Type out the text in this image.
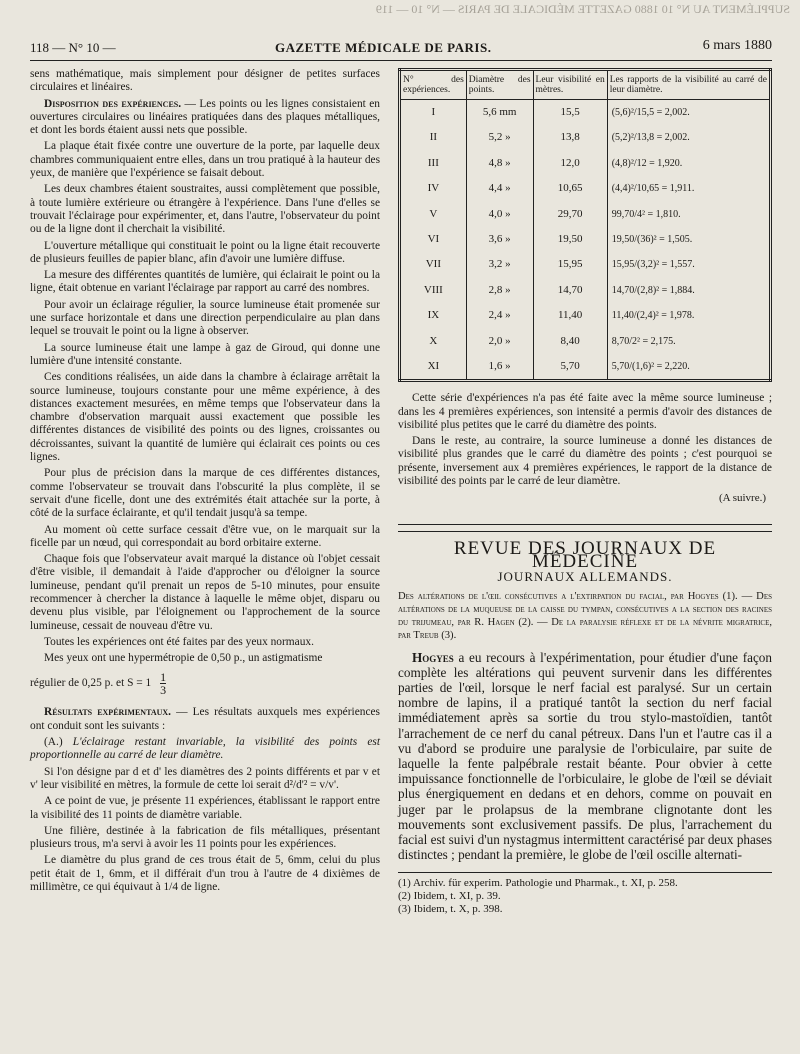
SUPPLÉMENT AU N° 10 1880 GAZETTE MÉDICALE DE PARIS — N° 10 — 119
118 — N° 10 —	GAZETTE MÉDICALE DE PARIS.	6 mars 1880

sens mathématique, mais simplement pour désigner de petites surfaces circulaires et linéaires.

Disposition des expériences. — Les points ou les lignes consistaient en ouvertures circulaires ou linéaires pratiquées dans des plaques métalliques, et dont les bords étaient aussi nets que possible.

La plaque était fixée contre une ouverture de la porte, par laquelle deux chambres communiquaient entre elles, dans un trou pratiqué à la hauteur des yeux, de manière que l'expérience se faisait debout.

Les deux chambres étaient soustraites, aussi complètement que possible, à toute lumière extérieure ou étrangère à l'expérience. Dans l'une d'elles se trouvait l'éclairage pour expérimenter, et, dans l'autre, l'observateur du point ou de la ligne dont il cherchait la visibilité.

L'ouverture métallique qui constituait le point ou la ligne était recouverte de plusieurs feuilles de papier blanc, afin d'avoir une lumière diffuse.

La mesure des différentes quantités de lumière, qui éclairait le point ou la ligne, était obtenue en variant l'éclairage par rapport au carré des nombres.

Pour avoir un éclairage régulier, la source lumineuse était promenée sur une surface horizontale et dans une direction perpendiculaire au plan dans lequel se trouvait le point ou la ligne à observer.

La source lumineuse était une lampe à gaz de Giroud, qui donne une lumière d'une intensité constante.

Ces conditions réalisées, un aide dans la chambre à éclairage arrêtait la source lumineuse, toujours constante pour une même expérience, à des distances exactement mesurées, en même temps que l'observateur dans la chambre d'observation marquait aussi exactement que possible les différentes distances de visibilité des points ou des lignes, croissantes ou décroissantes, suivant la quantité de lumière qui éclairait ces points ou ces lignes.

Pour plus de précision dans la marque de ces différentes distances, comme l'observateur se trouvait dans l'obscurité la plus complète, il se servait d'une ficelle, dont une des extrémités était attachée sur la porte, à côté de la surface éclairante, et qu'il tendait jusqu'à sa tempe.

Au moment où cette surface cessait d'être vue, on le marquait sur la ficelle par un nœud, qui correspondait au bord orbitaire externe.

Chaque fois que l'observateur avait marqué la distance où l'objet cessait d'être visible, il demandait à l'aide d'approcher ou d'éloigner la source lumineuse, pendant qu'il prenait un repos de 5-10 minutes, pour ensuite recommencer à chercher la distance à laquelle le même objet, disparu ou devenu plus visible, par l'éloignement ou l'approchement de la source lumineuse, cessait de nouveau d'être vu.

Toutes les expériences ont été faites par des yeux normaux.

Mes yeux ont une hypermétropie de 0,50 p., un astigmatisme

régulier de 0,25 p. et $S = 1 \frac{1}{3}$

Résultats expérimentaux. — Les résultats auxquels mes expériences ont conduit sont les suivants :

(A.) L'éclairage restant invariable, la visibilité des points est proportionnelle au carré de leur diamètre.

Si l'on désigne par d et d' les diamètres des 2 points différents et par v et v' leur visibilité en mètres, la formule de cette loi serait d²/d'² = v/v'.

A ce point de vue, je présente 11 expériences, établissant le rapport entre la visibilité des 11 points de diamètre variable.

Une filière, destinée à la fabrication de fils métalliques, présentant plusieurs trous, m'a servi à avoir les 11 points pour les expériences.

Le diamètre du plus grand de ces trous était de 5, 6mm, celui du plus petit était de 1, 6mm, et il différait d'un trou à l'autre de 4 dixièmes de millimètre, ce qui équivaut à 1/4 de ligne.

N° des expériences.	Diamètre des points.	Leur visibilité en mètres.	Les rapports de la visibilité au carré de leur diamètre.
I	5,6 mm	15,5	(5,6)²/15,5 = 2,002.
II	5,2 »	13,8	(5,2)²/13,8 = 2,002.
III	4,8 »	12,0	(4,8)²/12 = 1,920.
IV	4,4 »	10,65	(4,4)²/10,65 = 1,911.
V	4,0 »	29,70	99,70/4² = 1,810.
VI	3,6 »	19,50	19,50/(36)² = 1,505.
VII	3,2 »	15,95	15,95/(3,2)² = 1,557.
VIII	2,8 »	14,70	14,70/(2,8)² = 1,884.
IX	2,4 »	11,40	11,40/(2,4)² = 1,978.
X	2,0 »	8,40	8,70/2² = 2,175.
XI	1,6 »	5,70	5,70/(1,6)² = 2,220.

Cette série d'expériences n'a pas été faite avec la même source lumineuse ; dans les 4 premières expériences, son intensité a permis d'avoir des distances de visibilité plus petites que le carré du diamètre des points.

Dans le reste, au contraire, la source lumineuse a donné les distances de visibilité plus grandes que le carré du diamètre des points ; c'est pourquoi se présente, inversement aux 4 premières expériences, le rapport de la distance de visibilité des points par le carré de leur diamètre.

(A suivre.)
REVUE DES JOURNAUX DE MÉDECINE
JOURNAUX ALLEMANDS.
Des altérations de l'œil consécutives a l'extirpation du facial, par Hogyes (1). — Des altérations de la muqueuse de la caisse du tympan, consécutives a la section des racines du trijumeau, par R. Hagen (2). — De la paralysie réflexe et de la névrite migratrice, par Treub (3).

Hogyes a eu recours à l'expérimentation, pour étudier d'une façon complète les altérations qui peuvent survenir dans les différentes parties de l'œil, lorsque le nerf facial est paralysé. Sur un certain nombre de lapins, il a pratiqué tantôt la section du nerf facial immédiatement après sa sortie du trou stylo-mastoïdien, tantôt l'arrachement de ce nerf du canal pétreux. Dans l'un et l'autre cas il a vu d'abord se produire une paralysie de l'orbiculaire, par suite de laquelle la fente palpébrale restait béante. Pour obvier à cette impuissance fonctionnelle de l'orbiculaire, le globe de l'œil se déviait plus énergiquement en dedans et en dehors, comme on pouvait en juger par le prolapsus de la membrane clignotante dont les mouvements sont exclusivement passifs. De plus, l'arrachement du facial est suivi d'un nystagmus intermittent caractérisé par deux phases distinctes ; pendant la première, le globe de l'œil oscille alternati-

(1) Archiv. für experim. Pathologie und Pharmak., t. XI, p. 258.
(2) Ibidem, t. XI, p. 39.
(3) Ibidem, t. X, p. 398.
